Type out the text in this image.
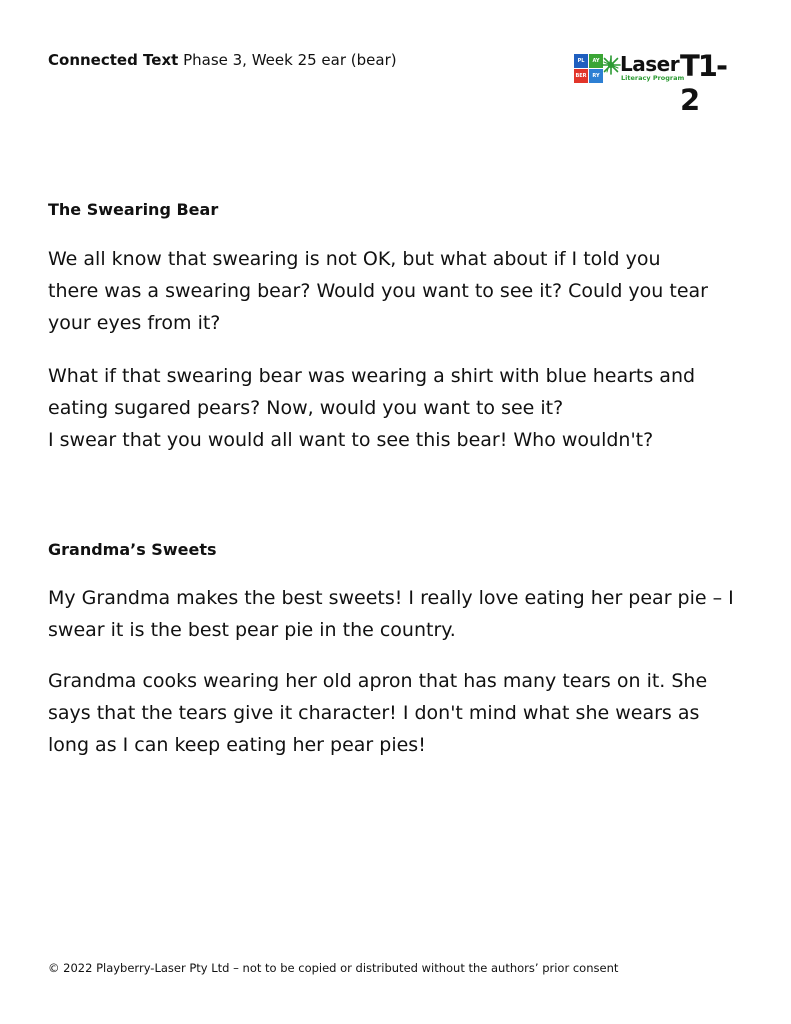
Connected Text Phase 3, Week 25 ear (bear)	PL	AY
BER	RY Laser
Literacy Program
T1-2
The Swearing Bear
We all know that swearing is not OK, but what about if I told you
there was a swearing bear? Would you want to see it? Could you tear
your eyes from it?
What if that swearing bear was wearing a shirt with blue hearts and
eating sugared pears? Now, would you want to see it?
I swear that you would all want to see this bear! Who wouldn't?
Grandma’s Sweets
My Grandma makes the best sweets! I really love eating her pear pie – I
swear it is the best pear pie in the country.
Grandma cooks wearing her old apron that has many tears on it. She
says that the tears give it character! I don't mind what she wears as
long as I can keep eating her pear pies!
© 2022 Playberry-Laser Pty Ltd – not to be copied or distributed without the authors’ prior consent
